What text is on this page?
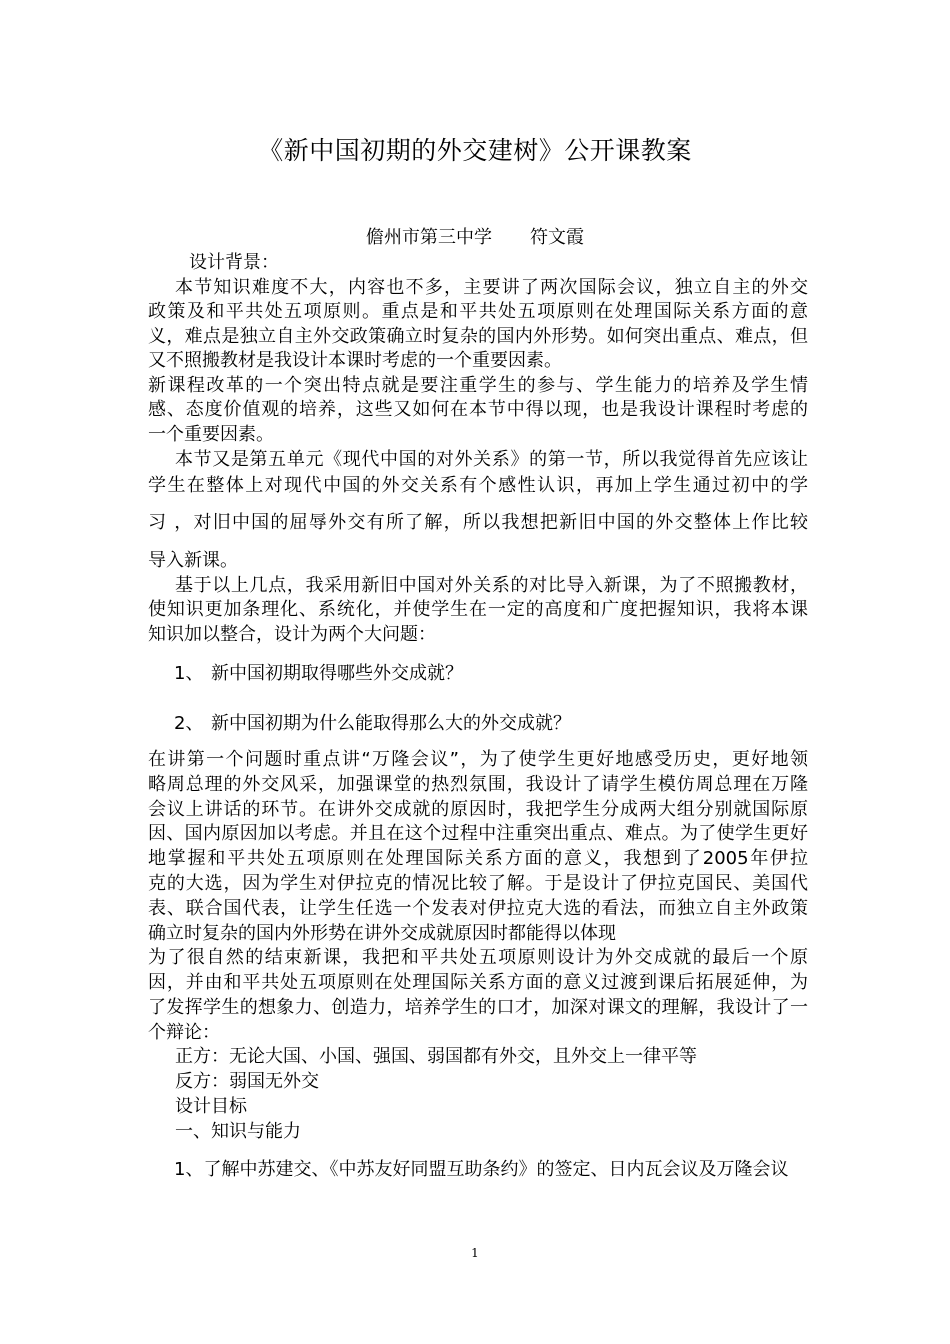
《新中国初期的外交建树》公开课教案
儋州市第三中学 符文霞
设计背景：
本节知识难度不大，内容也不多，主要讲了两次国际会议，独立自主的外交
政策及和平共处五项原则。重点是和平共处五项原则在处理国际关系方面的意
义，难点是独立自主外交政策确立时复杂的国内外形势。如何突出重点、难点，但
又不照搬教材是我设计本课时考虑的一个重要因素。
新课程改革的一个突出特点就是要注重学生的参与、学生能力的培养及学生情
感、态度价值观的培养，这些又如何在本节中得以现，也是我设计课程时考虑的
一个重要因素。
本节又是第五单元《现代中国的对外关系》的第一节，所以我觉得首先应该让
学生在整体上对现代中国的外交关系有个感性认识，再加上学生通过初中的学
习 ，对旧中国的屈辱外交有所了解，所以我想把新旧中国的外交整体上作比较
导入新课。
基于以上几点，我采用新旧中国对外关系的对比导入新课，为了不照搬教材，
使知识更加条理化、系统化，并使学生在一定的高度和广度把握知识，我将本课
知识加以整合，设计为两个大问题：
1、 新中国初期取得哪些外交成就？
2、 新中国初期为什么能取得那么大的外交成就？
在讲第一个问题时重点讲“万隆会议”，为了使学生更好地感受历史，更好地领
略周总理的外交风采，加强课堂的热烈氛围，我设计了请学生模仿周总理在万隆
会议上讲话的环节。在讲外交成就的原因时，我把学生分成两大组分别就国际原
因、国内原因加以考虑。并且在这个过程中注重突出重点、难点。为了使学生更好
地掌握和平共处五项原则在处理国际关系方面的意义，我想到了2005年伊拉
克的大选，因为学生对伊拉克的情况比较了解。于是设计了伊拉克国民、美国代
表、联合国代表，让学生任选一个发表对伊拉克大选的看法，而独立自主外政策
确立时复杂的国内外形势在讲外交成就原因时都能得以体现
为了很自然的结束新课，我把和平共处五项原则设计为外交成就的最后一个原
因，并由和平共处五项原则在处理国际关系方面的意义过渡到课后拓展延伸，为
了发挥学生的想象力、创造力，培养学生的口才，加深对课文的理解，我设计了一
个辩论：
正方：无论大国、小国、强国、弱国都有外交，且外交上一律平等
反方：弱国无外交
设计目标
一、知识与能力
1、了解中苏建交、《中苏友好同盟互助条约》的签定、日内瓦会议及万隆会议
1
